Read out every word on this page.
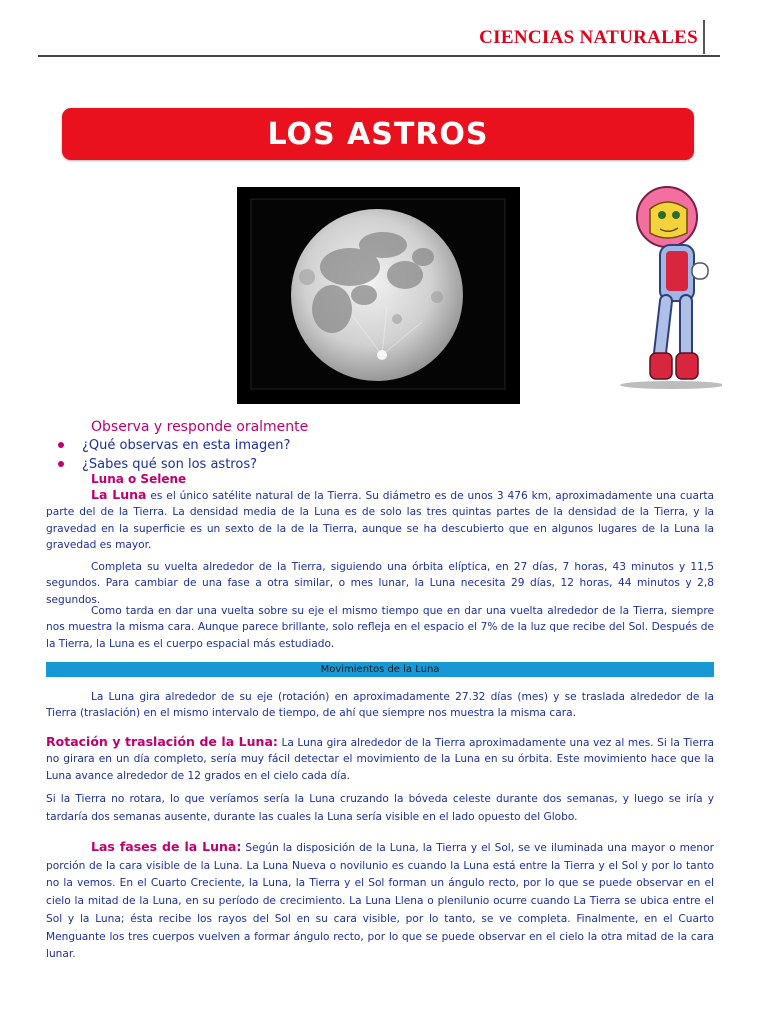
CIENCIAS NATURALES
LOS ASTROS
Observa y responde oralmente
¿Qué observas en esta imagen?
¿Sabes qué son los astros?
Luna o Selene

La Luna es el único satélite natural de la Tierra. Su diámetro es de unos 3 476 km, aproximadamente una cuarta parte del de la Tierra. La densidad media de la Luna es de solo las tres quintas partes de la densidad de la Tierra, y la gravedad en la superficie es un sexto de la de la Tierra, aunque se ha descubierto que en algunos lugares de la Luna la gravedad es mayor.

Completa su vuelta alrededor de la Tierra, siguiendo una órbita elíptica, en 27 días, 7 horas, 43 minutos y 11,5 segundos. Para cambiar de una fase a otra similar, o mes lunar, la Luna necesita 29 días, 12 horas, 44 minutos y 2,8 segundos.

Como tarda en dar una vuelta sobre su eje el mismo tiempo que en dar una vuelta alrededor de la Tierra, siempre nos muestra la misma cara. Aunque parece brillante, solo refleja en el espacio el 7% de la luz que recibe del Sol. Después de la Tierra, la Luna es el cuerpo espacial más estudiado.

Movimientos de la Luna

La Luna gira alrededor de su eje (rotación) en aproximadamente 27.32 días (mes) y se traslada alrededor de la Tierra (traslación) en el mismo intervalo de tiempo, de ahí que siempre nos muestra la misma cara.

Rotación y traslación de la Luna: La Luna gira alrededor de la Tierra aproximadamente una vez al mes. Si la Tierra no girara en un día completo, sería muy fácil detectar el movimiento de la Luna en su órbita. Este movimiento hace que la Luna avance alrededor de 12 grados en el cielo cada día.

Si la Tierra no rotara, lo que veríamos sería la Luna cruzando la bóveda celeste durante dos semanas, y luego se iría y tardaría dos semanas ausente, durante las cuales la Luna sería visible en el lado opuesto del Globo.

Las fases de la Luna: Según la disposición de la Luna, la Tierra y el Sol, se ve iluminada una mayor o menor porción de la cara visible de la Luna. La Luna Nueva o novilunio es cuando la Luna está entre la Tierra y el Sol y por lo tanto no la vemos. En el Cuarto Creciente, la Luna, la Tierra y el Sol forman un ángulo recto, por lo que se puede observar en el cielo la mitad de la Luna, en su período de crecimiento. La Luna Llena o plenilunio ocurre cuando La Tierra se ubica entre el Sol y la Luna; ésta recibe los rayos del Sol en su cara visible, por lo tanto, se ve completa. Finalmente, en el Cuarto Menguante los tres cuerpos vuelven a formar ángulo recto, por lo que se puede observar en el cielo la otra mitad de la cara lunar.
